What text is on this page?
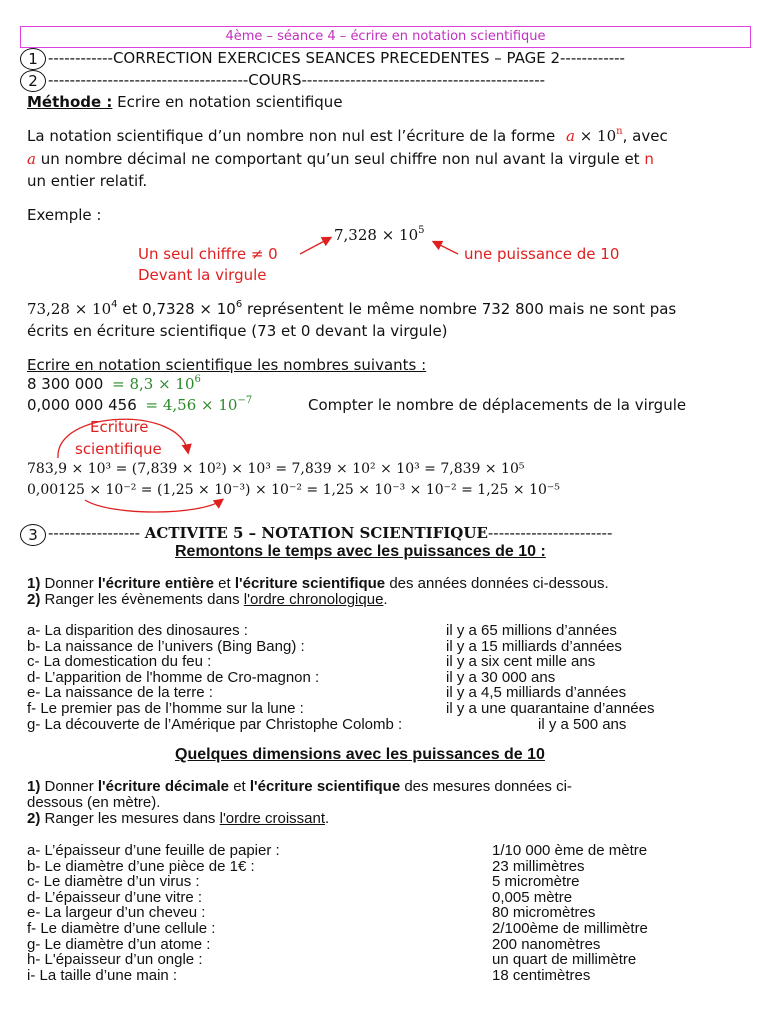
4ème – séance 4 – écrire en notation scientifique
1 ------------CORRECTION EXERCICES SEANCES PRECEDENTES – PAGE 2------------
2 -------------------------------------COURS---------------------------------------------
Méthode : Ecrire en notation scientifique
La notation scientifique d’un nombre non nul est l’écriture de la forme $a \times 10^n$, avec
a un nombre décimal ne comportant qu’un seul chiffre non nul avant la virgule et n
un entier relatif.
Exemple :
$7,328 \times 10^5$
Un seul chiffre ≠ 0
Devant la virgule
une puissance de 10
$73,28 \times 10^4$ et $0,7328 \times 10^6$ représentent le même nombre 732 800 mais ne sont pas
écrits en écriture scientifique (73 et 0 devant la virgule)
Ecrire en notation scientifique les nombres suivants :
8 300 $000 = 8,3 \times 10^6$
0,000 000 $456 = 4,56 \times 10^{-7}$	Compter le nombre de déplacements de la virgule
Ecriture
scientifique
783,9 × 10³ = (7,839 × 10²) × 10³ = 7,839 × 10² × 10³ = 7,839 × 10⁵
0,00125 × 10⁻² = (1,25 × 10⁻³) × 10⁻² = 1,25 × 10⁻³ × 10⁻² = 1,25 × 10⁻⁵
3 ----------------- ACTIVITE 5 – NOTATION SCIENTIFIQUE-----------------------
Remontons le temps avec les puissances de 10 :
1) Donner l'écriture entière et l'écriture scientifique des années données ci-dessous.
2) Ranger les évènements dans l'ordre chronologique.
a- La disparition des dinosaures :	il y a 65 millions d’années
b- La naissance de l’univers (Bing Bang) :	il y a 15 milliards d’années
c- La domestication du feu :	il y a six cent mille ans
d- L’apparition de l'homme de Cro-magnon :	il y a 30 000 ans
e- La naissance de la terre :	il y a 4,5 milliards d’années
f- Le premier pas de l’homme sur la lune :	il y a une quarantaine d’années
g- La découverte de l’Amérique par Christophe Colomb :	il y a 500 ans
Quelques dimensions avec les puissances de 10
1) Donner l'écriture décimale et l'écriture scientifique des mesures données ci-
dessous (en mètre).
2) Ranger les mesures dans l'ordre croissant.
a- L’épaisseur d’une feuille de papier :	1/10 000 ème de mètre
b- Le diamètre d’une pièce de 1€ :	23 millimètres
c- Le diamètre d’un virus :	5 micromètre
d- L’épaisseur d’une vitre :	0,005 mètre
e- La largeur d’un cheveu :	80 micromètres
f- Le diamètre d’une cellule :	2/100ème de millimètre
g- Le diamètre d’un atome :	200 nanomètres
h- L'épaisseur d’un ongle :	un quart de millimètre
i- La taille d’une main :	18 centimètres
